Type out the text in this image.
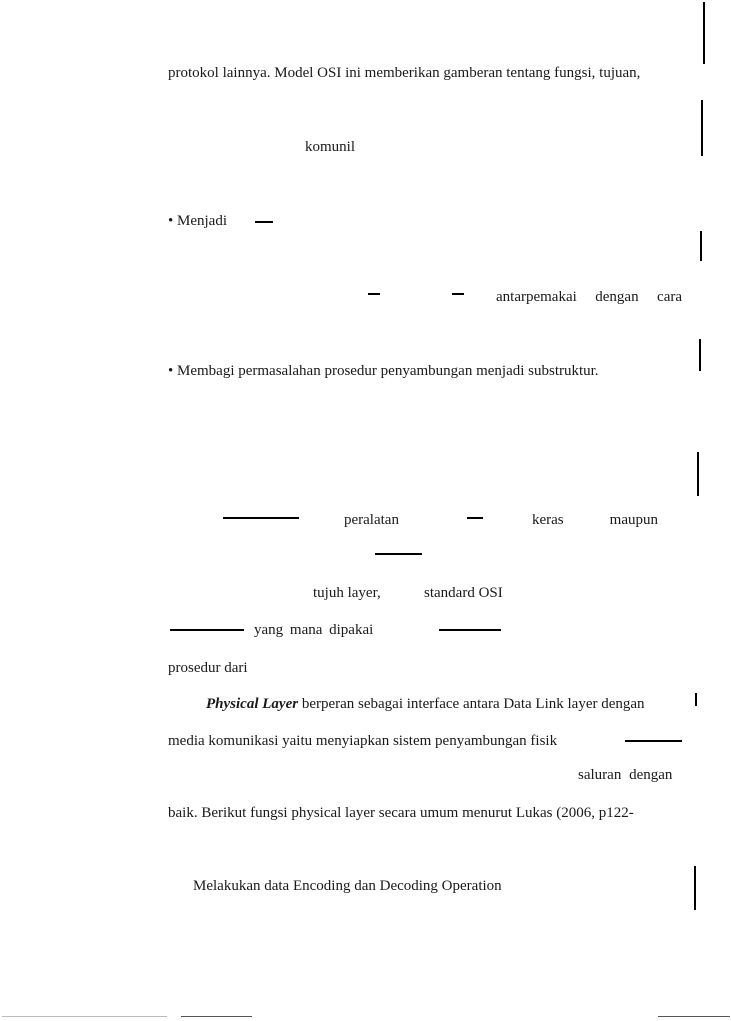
protokol lainnya. Model OSI ini memberikan gamberan tentang fungsi, tujuan,
komunil
• Menjadi
antarpemakai dengan cara
• Membagi permasalahan prosedur penyambungan menjadi substruktur.
peralatan	keras	maupun
tujuh layer,	standard OSI
yang mana dipakai
prosedur dari
Physical Layer berperan sebagai interface antara Data Link layer dengan
media komunikasi yaitu menyiapkan sistem penyambungan fisik
saluran dengan
baik. Berikut fungsi physical layer secara umum menurut Lukas (2006, p122-
Melakukan data Encoding dan Decoding Operation
